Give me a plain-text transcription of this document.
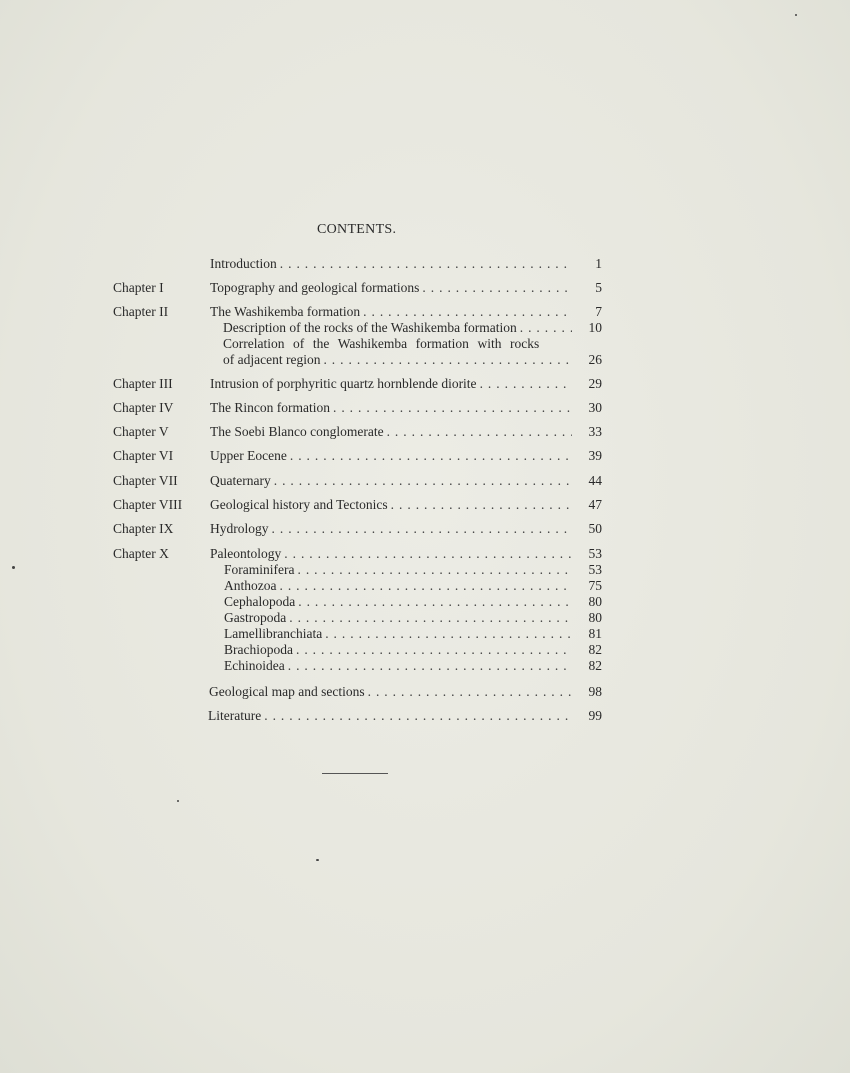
CONTENTS.
Introduction . . .	1
Chapter I	Topography and geological formations . . .	5
Chapter II	The Washikemba formation . . .	7
Description of the rocks of the Washikemba formation . . .	10
Correlation of the Washikemba formation with rocks
of adjacent region . . .	26
Chapter III	Intrusion of porphyritic quartz hornblende diorite . . .	29
Chapter IV	The Rincon formation . . .	30
Chapter V	The Soebi Blanco conglomerate . . .	33
Chapter VI	Upper Eocene . . .	39
Chapter VII Quaternary . . .	44
Chapter VIII Geological history and Tectonics . . .	47
Chapter IX	Hydrology . . .	50
Chapter X	Paleontology . . .	53
Foraminifera . . .	53
Anthozoa . . .	75
Cephalopoda . . .	80
Gastropoda . . .	80
Lamellibranchiata . . .	81
Brachiopoda . . .	82
Echinoidea . . .	82
Geological map and sections . . .	98
Literature . . .	99
